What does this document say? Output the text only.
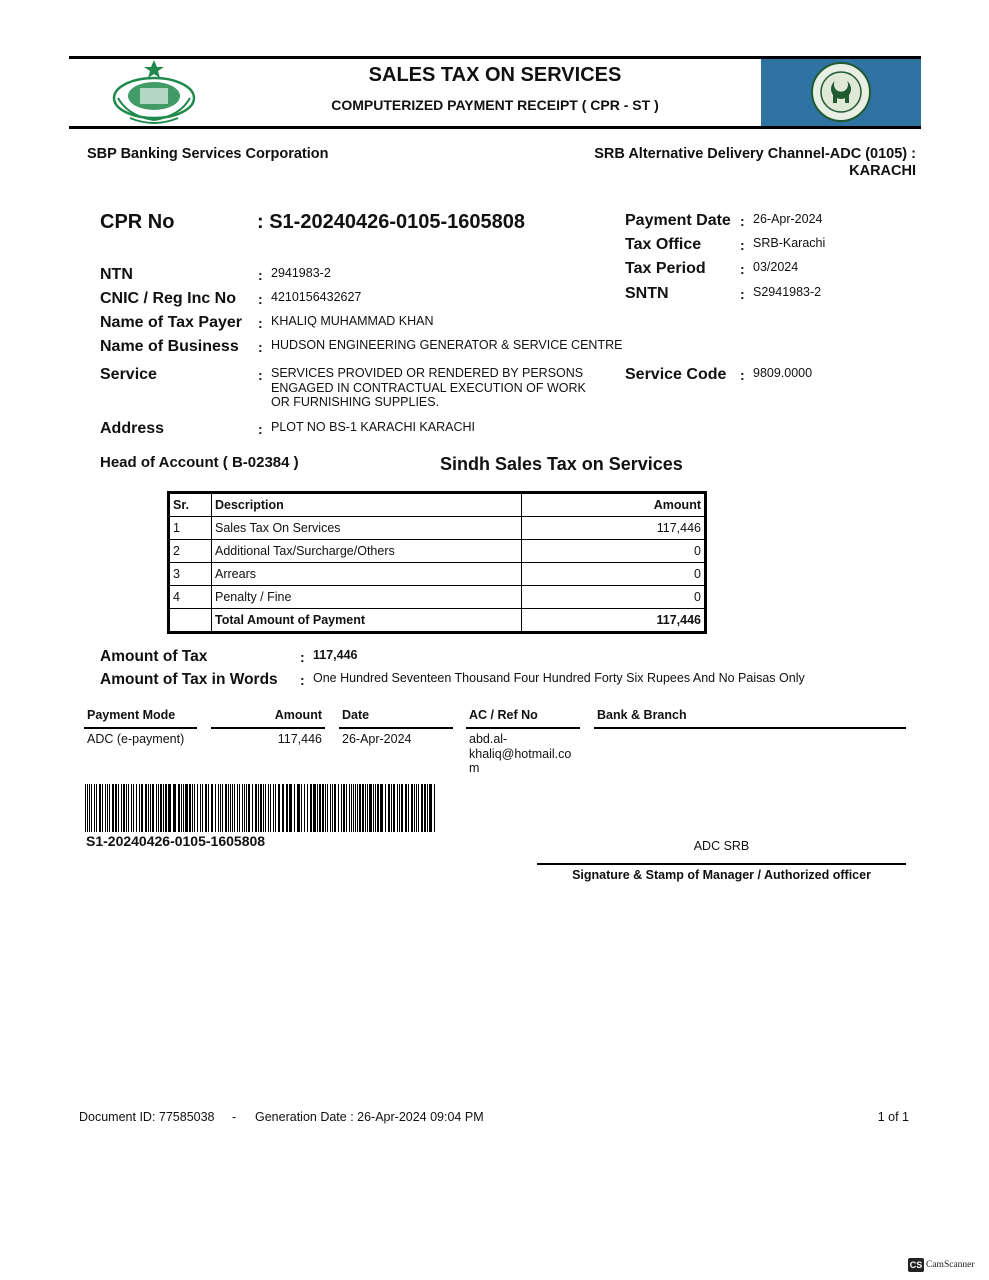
SALES TAX ON SERVICES
COMPUTERIZED PAYMENT RECEIPT ( CPR - ST )
SBP Banking Services Corporation	SRB Alternative Delivery Channel-ADC (0105) :
KARACHI
CPR No	: S1-20240426-0105-1605808
NTN	: 2941983-2
CNIC / Reg Inc No : 4210156432627
Name of Tax Payer : KHALIQ MUHAMMAD KHAN
Name of Business : HUDSON ENGINEERING GENERATOR & SERVICE CENTRE
Service	: SERVICES PROVIDED OR RENDERED BY PERSONS
ENGAGED IN CONTRACTUAL EXECUTION OF WORK
OR FURNISHING SUPPLIES.
Address	: PLOT NO BS-1 KARACHI KARACHI
Payment Date : 26-Apr-2024
Tax Office	: SRB-Karachi
Tax Period : 03/2024
SNTN	: S2941983-2
Service Code : 9809.0000
Head of Account ( B-02384 )	Sindh Sales Tax on Services
Sr.	Description	Amount
1	Sales Tax On Services	117,446
2	Additional Tax/Surcharge/Others	0
3	Arrears	0
4	Penalty / Fine	0
	Total Amount of Payment	117,446
Amount of Tax	: 117,446
Amount of Tax in Words : One Hundred Seventeen Thousand Four Hundred Forty Six Rupees And No Paisas Only
Payment Mode	Amount Date	AC / Ref No	Bank & Branch
ADC (e-payment)	117,446 26-Apr-2024	abd.al-
khaliq@hotmail.co
m
S1-20240426-0105-1605808	ADC SRB
Signature & Stamp of Manager / Authorized officer
Document ID: 77585038 - Generation Date : 26-Apr-2024 09:04 PM	1 of 1
CS CamScanner
